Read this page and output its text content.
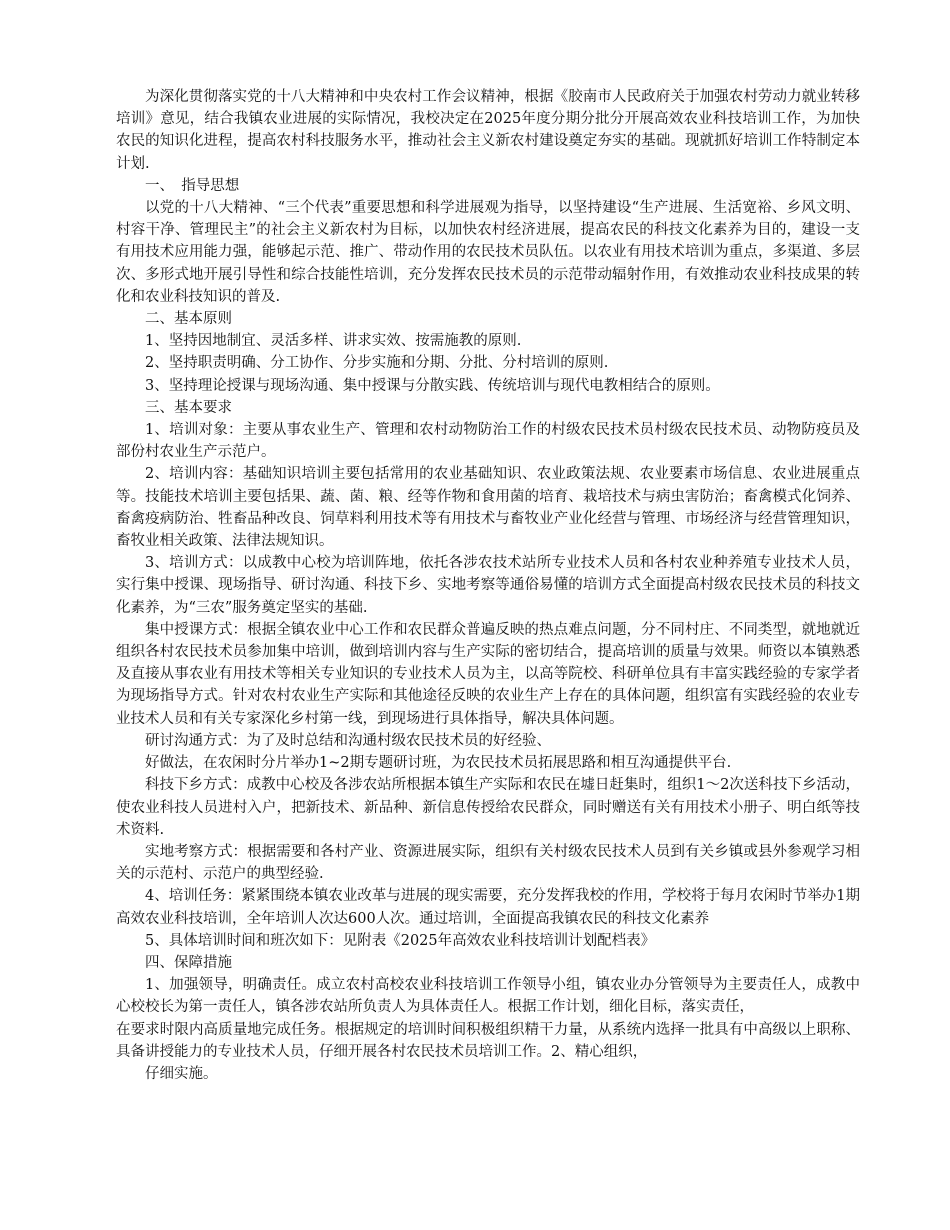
为深化贯彻落实党的十八大精神和中央农村工作会议精神，根据《胶南市人民政府关于加强农村劳动力就业转移培训》意见，结合我镇农业进展的实际情况，我校决定在2025年度分期分批分开展高效农业科技培训工作，为加快农民的知识化进程，提高农村科技服务水平，推动社会主义新农村建设奠定夯实的基础。现就抓好培训工作特制定本计划.

一、　指导思想

以党的十八大精神、“三个代表”重要思想和科学进展观为指导，以坚持建设“生产进展、生活宽裕、乡风文明、村容干净、管理民主”的社会主义新农村为目标，以加快农村经济进展，提高农民的科技文化素养为目的，建设一支有用技术应用能力强，能够起示范、推广、带动作用的农民技术员队伍。以农业有用技术培训为重点，多渠道、多层次、多形式地开展引导性和综合技能性培训，充分发挥农民技术员的示范带动辐射作用，有效推动农业科技成果的转化和农业科技知识的普及.

二、基本原则

1、坚持因地制宜、灵活多样、讲求实效、按需施教的原则.

2、坚持职责明确、分工协作、分步实施和分期、分批、分村培训的原则.

3、坚持理论授课与现场沟通、集中授课与分散实践、传统培训与现代电教相结合的原则。

三、基本要求

1、培训对象：主要从事农业生产、管理和农村动物防治工作的村级农民技术员村级农民技术员、动物防疫员及部份村农业生产示范户。

2、培训内容：基础知识培训主要包括常用的农业基础知识、农业政策法规、农业要素市场信息、农业进展重点等。技能技术培训主要包括果、蔬、菌、粮、经等作物和食用菌的培育、栽培技术与病虫害防治；畜禽模式化饲养、畜禽疫病防治、牲畜品种改良、饲草料利用技术等有用技术与畜牧业产业化经营与管理、市场经济与经营管理知识，畜牧业相关政策、法律法规知识。

3、培训方式：以成教中心校为培训阵地，依托各涉农技术站所专业技术人员和各村农业种养殖专业技术人员，实行集中授课、现场指导、研讨沟通、科技下乡、实地考察等通俗易懂的培训方式全面提高村级农民技术员的科技文化素养，为“三农”服务奠定坚实的基础.

集中授课方式：根据全镇农业中心工作和农民群众普遍反映的热点难点问题，分不同村庄、不同类型，就地就近组织各村农民技术员参加集中培训，做到培训内容与生产实际的密切结合，提高培训的质量与效果。师资以本镇熟悉及直接从事农业有用技术等相关专业知识的专业技术人员为主，以高等院校、科研单位具有丰富实践经验的专家学者为现场指导方式。针对农村农业生产实际和其他途径反映的农业生产上存在的具体问题，组织富有实践经验的农业专业技术人员和有关专家深化乡村第一线，到现场进行具体指导，解决具体问题。

研讨沟通方式：为了及时总结和沟通村级农民技术员的好经验、

好做法，在农闲时分片举办1~2期专题研讨班，为农民技术员拓展思路和相互沟通提供平台.

科技下乡方式：成教中心校及各涉农站所根据本镇生产实际和农民在墟日赶集时，组织1～2次送科技下乡活动，使农业科技人员进村入户，把新技术、新品种、新信息传授给农民群众，同时赠送有关有用技术小册子、明白纸等技术资料.

实地考察方式：根据需要和各村产业、资源进展实际，组织有关村级农民技术人员到有关乡镇或县外参观学习相关的示范村、示范户的典型经验.

4、培训任务：紧紧围绕本镇农业改革与进展的现实需要，充分发挥我校的作用，学校将于每月农闲时节举办1期高效农业科技培训，全年培训人次达600人次。通过培训，全面提高我镇农民的科技文化素养

5、具体培训时间和班次如下：见附表《2025年高效农业科技培训计划配档表》

四、保障措施

1、加强领导，明确责任。成立农村高校农业科技培训工作领导小组，镇农业办分管领导为主要责任人，成教中心校校长为第一责任人，镇各涉农站所负责人为具体责任人。根据工作计划，细化目标，落实责任，

在要求时限内高质量地完成任务。根据规定的培训时间积极组织精干力量，从系统内选择一批具有中高级以上职称、具备讲授能力的专业技术人员，仔细开展各村农民技术员培训工作。2、精心组织，

仔细实施。
